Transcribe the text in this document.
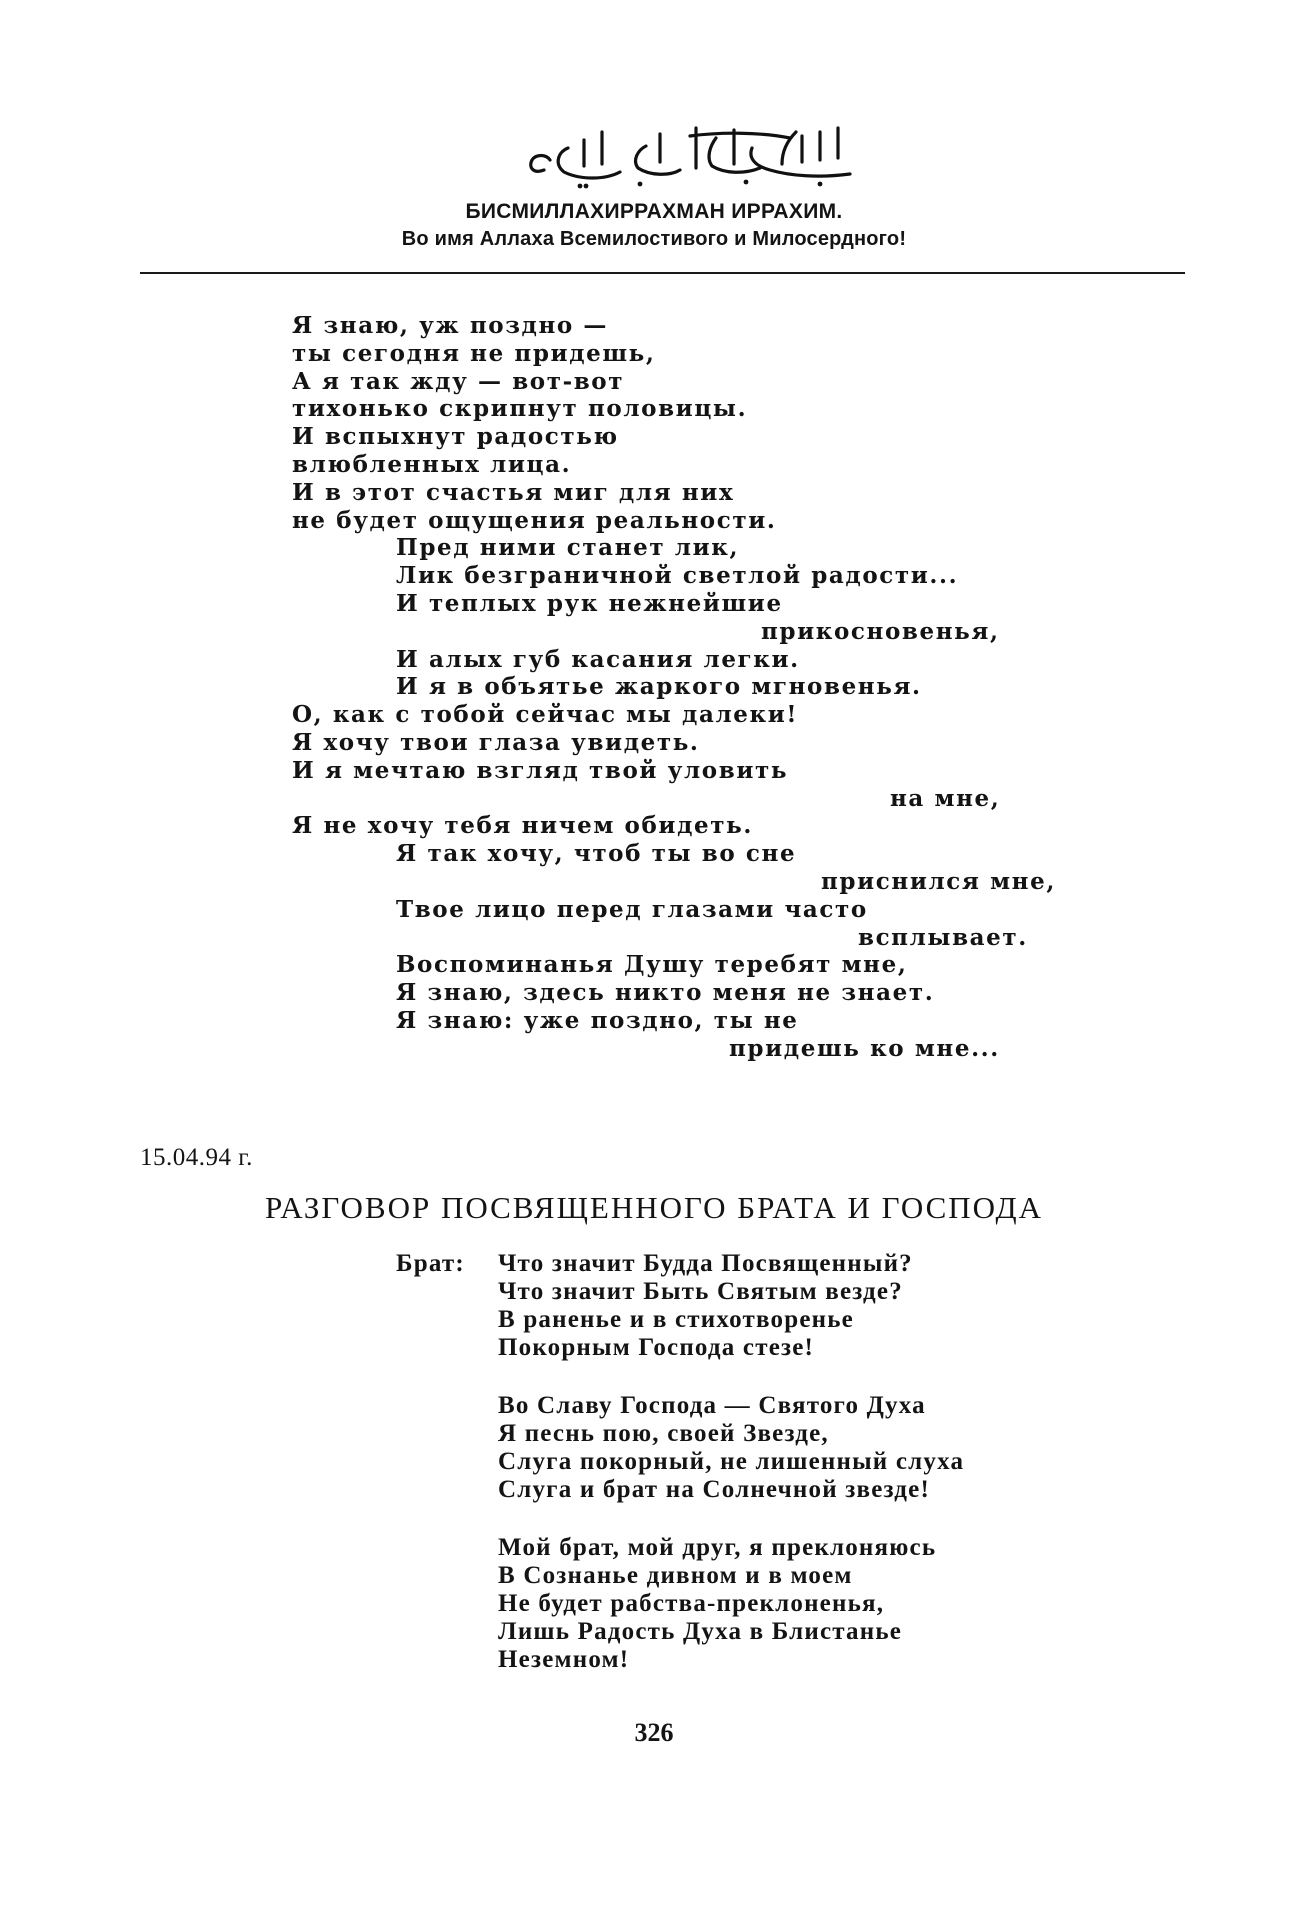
БИСМИЛЛАХИРРАХМАН ИРРАХИМ.
Во имя Аллаха Всемилостивого и Милосердного!
Я знаю, уж поздно —
ты сегодня не придешь,
А я так жду — вот-вот
тихонько скрипнут половицы.
И вспыхнут радостью
влюбленных лица.
И в этот счастья миг для них
не будет ощущения реальности.
Пред ними станет лик,
Лик безграничной светлой радости...
И теплых рук нежнейшие
прикосновенья,
И алых губ касания легки.
И я в объятье жаркого мгновенья.
О, как с тобой сейчас мы далеки!
Я хочу твои глаза увидеть.
И я мечтаю взгляд твой уловить
на мне,
Я не хочу тебя ничем обидеть.
Я так хочу, чтоб ты во сне
приснился мне,
Твое лицо перед глазами часто
всплывает.
Воспоминанья Душу теребят мне,
Я знаю, здесь никто меня не знает.
Я знаю: уже поздно, ты не
придешь ко мне...
15.04.94 г.
РАЗГОВОР ПОСВЯЩЕННОГО БРАТА И ГОСПОДА
Брат: Что значит Будда Посвященный?
Что значит Быть Святым везде?
В раненье и в стихотворенье
Покорным Господа стезе!
Во Славу Господа — Святого Духа
Я песнь пою, своей Звезде,
Слуга покорный, не лишенный слуха
Слуга и брат на Солнечной звезде!
Мой брат, мой друг, я преклоняюсь
В Сознанье дивном и в моем
Не будет рабства-преклоненья,
Лишь Радость Духа в Блистанье
Неземном!
326
